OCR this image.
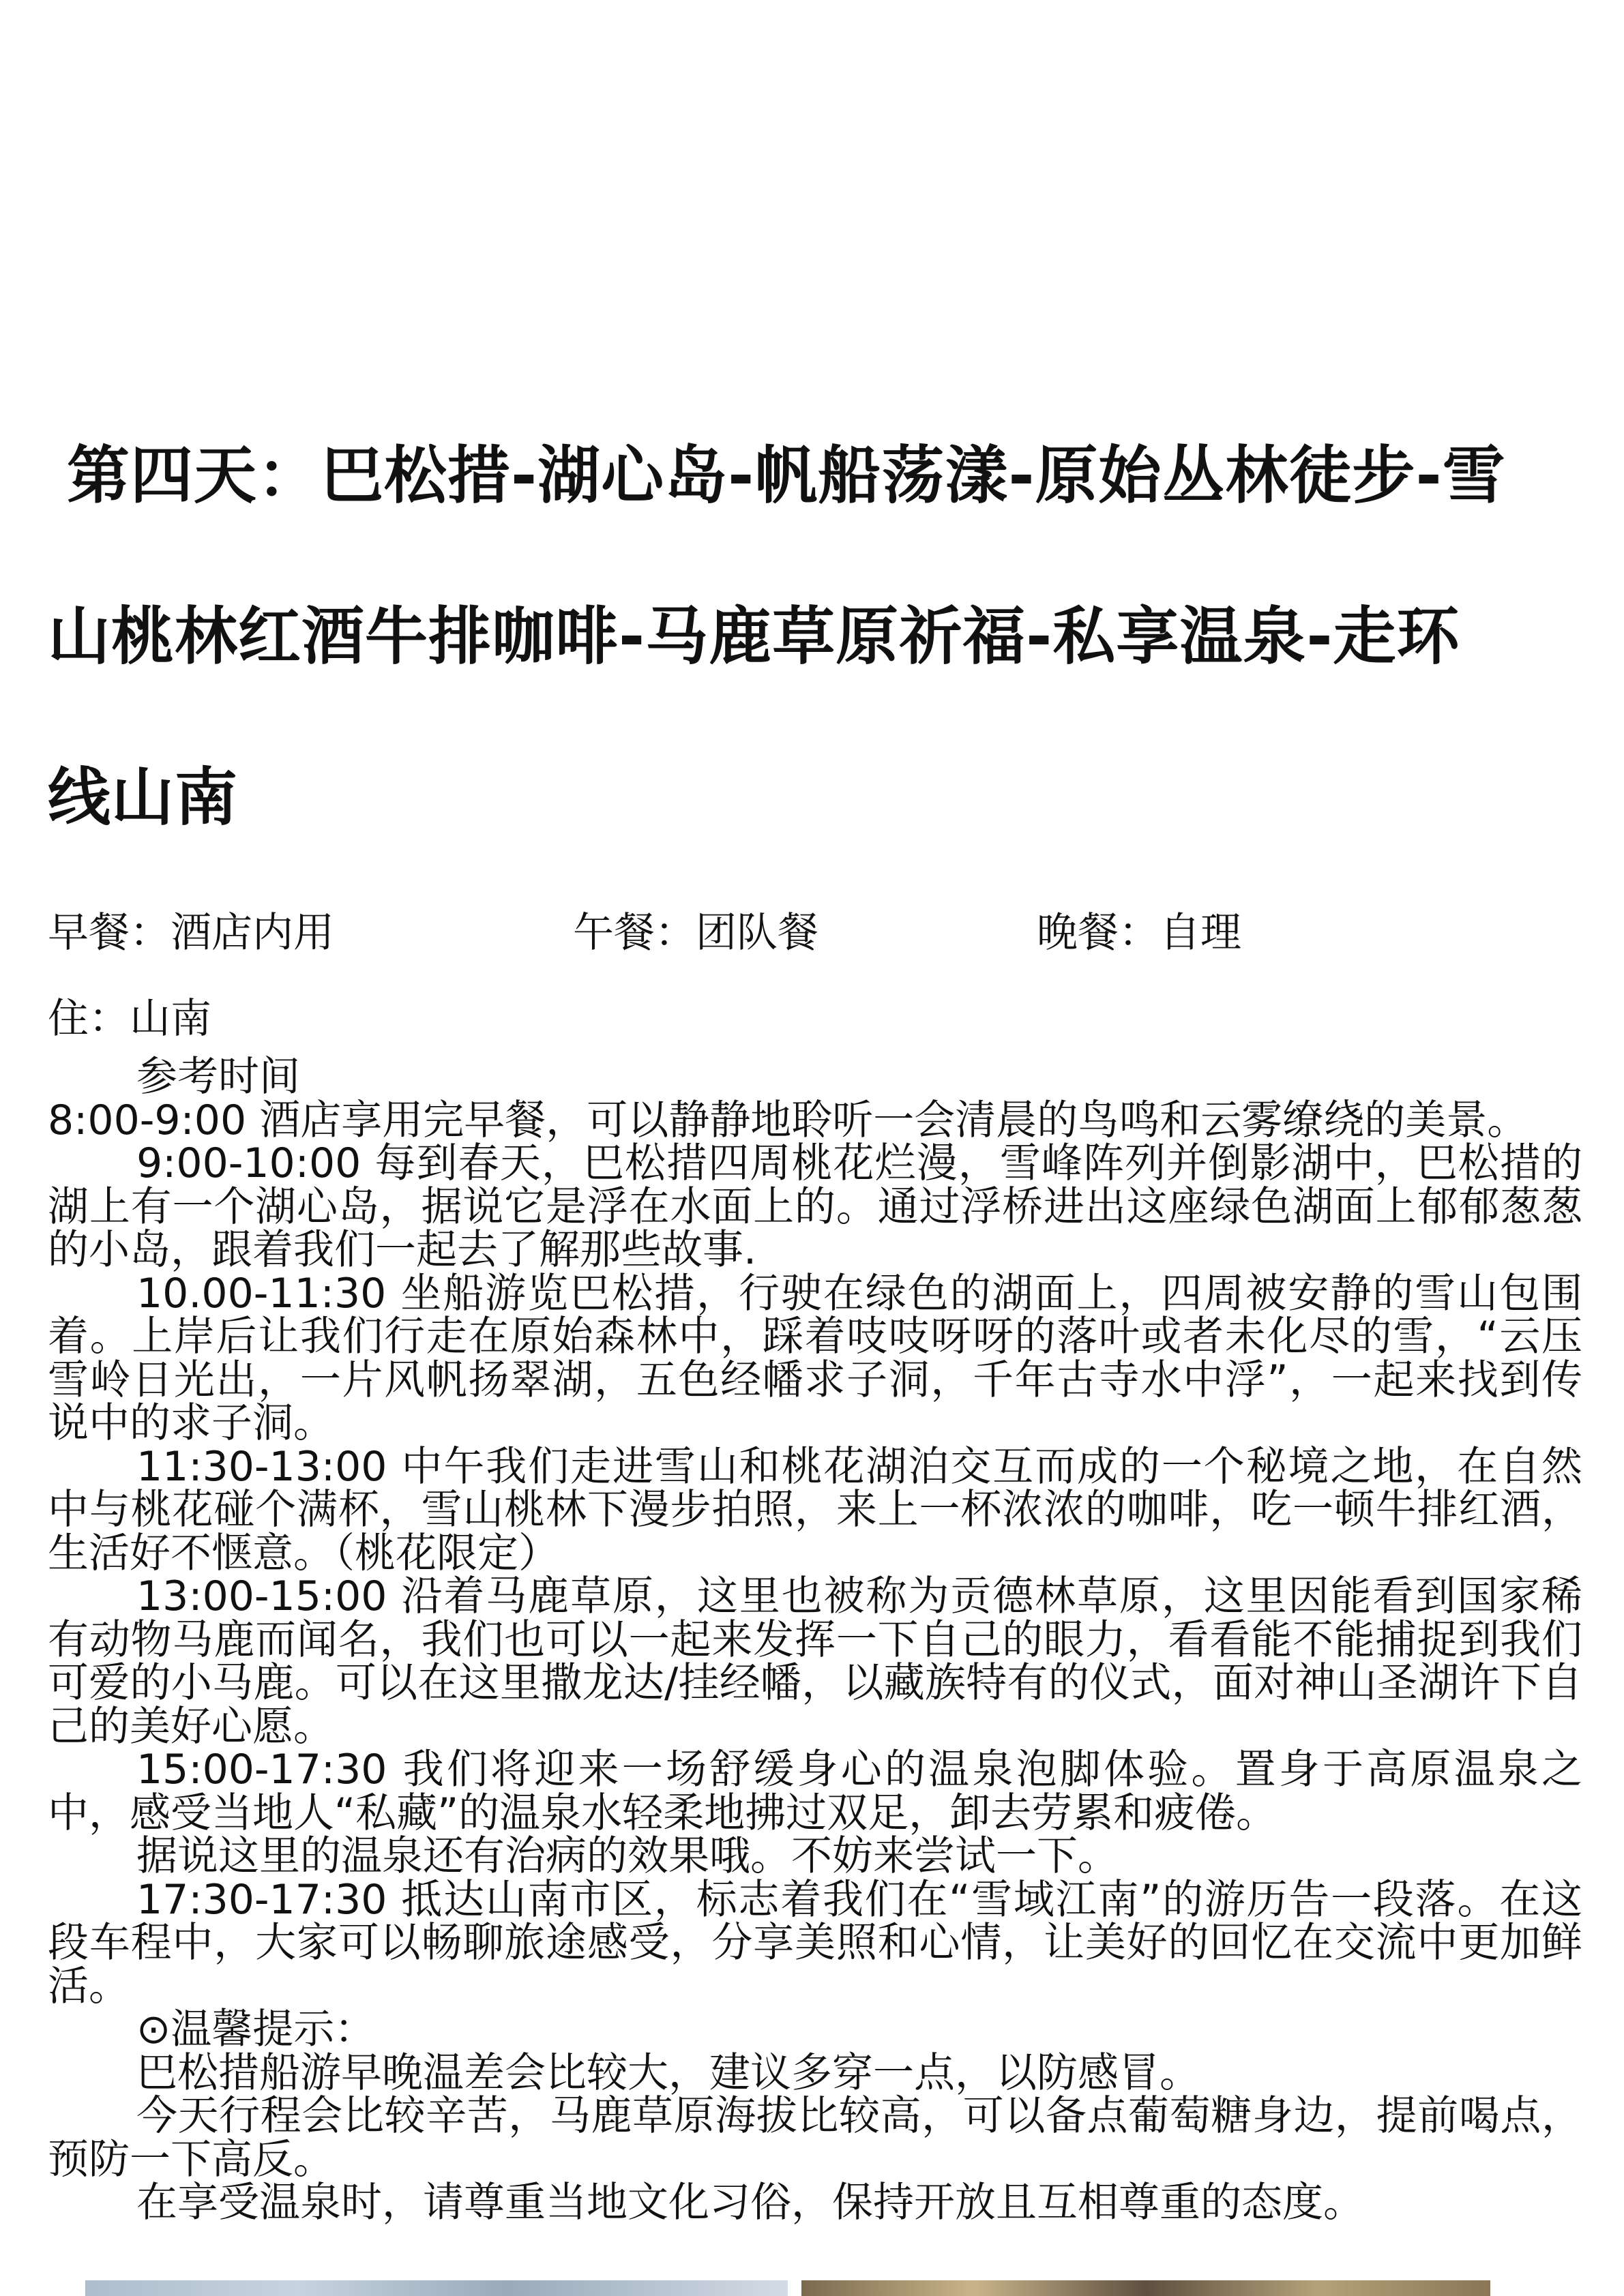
第四天：巴松措-湖心岛-帆船荡漾-原始丛林徒步-雪
山桃林红酒牛排咖啡-马鹿草原祈福-私享温泉-走环
线山南
早餐：酒店内用	午餐：团队餐	晚餐：自理
住：山南

参考时间

8:00-9:00 酒店享用完早餐，可以静静地聆听一会清晨的鸟鸣和云雾缭绕的美景。

9:00-10:00 每到春天，巴松措四周桃花烂漫，雪峰阵列并倒影湖中，巴松措的湖上有一个湖心岛，据说它是浮在水面上的。通过浮桥进出这座绿色湖面上郁郁葱葱的小岛，跟着我们一起去了解那些故事.

10.00-11:30 坐船游览巴松措，行驶在绿色的湖面上，四周被安静的雪山包围着。上岸后让我们行走在原始森林中，踩着吱吱呀呀的落叶或者未化尽的雪，“云压雪岭日光出，一片风帆扬翠湖，五色经幡求子洞，千年古寺水中浮”，一起来找到传说中的求子洞。

11:30-13:00 中午我们走进雪山和桃花湖泊交互而成的一个秘境之地，在自然中与桃花碰个满杯，雪山桃林下漫步拍照，来上一杯浓浓的咖啡，吃一顿牛排红酒，生活好不惬意。（桃花限定）

13:00-15:00 沿着马鹿草原，这里也被称为贡德林草原，这里因能看到国家稀有动物马鹿而闻名，我们也可以一起来发挥一下自己的眼力，看看能不能捕捉到我们可爱的小马鹿。可以在这里撒龙达/挂经幡，以藏族特有的仪式，面对神山圣湖许下自己的美好心愿。

15:00-17:30 我们将迎来一场舒缓身心的温泉泡脚体验。置身于高原温泉之中，感受当地人“私藏”的温泉水轻柔地拂过双足，卸去劳累和疲倦。

据说这里的温泉还有治病的效果哦。不妨来尝试一下。

17:30-17:30 抵达山南市区，标志着我们在“雪域江南”的游历告一段落。在这段车程中，大家可以畅聊旅途感受，分享美照和心情，让美好的回忆在交流中更加鲜活。

⊙温馨提示：

巴松措船游早晚温差会比较大，建议多穿一点，以防感冒。

今天行程会比较辛苦，马鹿草原海拔比较高，可以备点葡萄糖身边，提前喝点，预防一下高反。

在享受温泉时，请尊重当地文化习俗，保持开放且互相尊重的态度。
